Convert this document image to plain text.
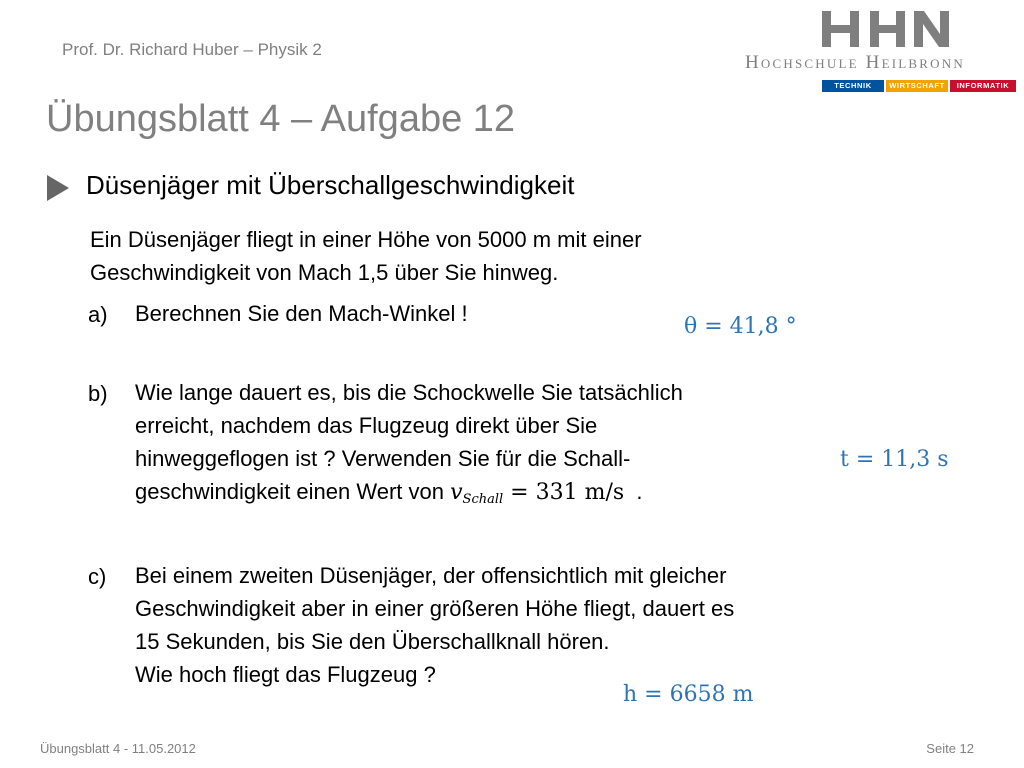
Prof. Dr. Richard Huber – Physik 2
Hochschule Heilbronn
TECHNIK	WIRTSCHAFT	INFORMATIK
Übungsblatt 4 – Aufgabe 12
Düsenjäger mit Überschallgeschwindigkeit
Ein Düsenjäger fliegt in einer Höhe von 5000 m mit einer
Geschwindigkeit von Mach 1,5 über Sie hinweg.
a) Berechnen Sie den Mach-Winkel !
θ = 41,8 °
b) Wie lange dauert es, bis die Schockwelle Sie tatsächlich
erreicht, nachdem das Flugzeug direkt über Sie
hinweggeflogen ist ? Verwenden Sie für die Schall-
geschwindigkeit einen Wert von $v_{Schall} = 331$ m/s  .
t = 11,3 s
c) Bei einem zweiten Düsenjäger, der offensichtlich mit gleicher
Geschwindigkeit aber in einer größeren Höhe fliegt, dauert es
15 Sekunden, bis Sie den Überschallknall hören.
Wie hoch fliegt das Flugzeug ?
h = 6658 m
Übungsblatt 4 - 11.05.2012	Seite 12
